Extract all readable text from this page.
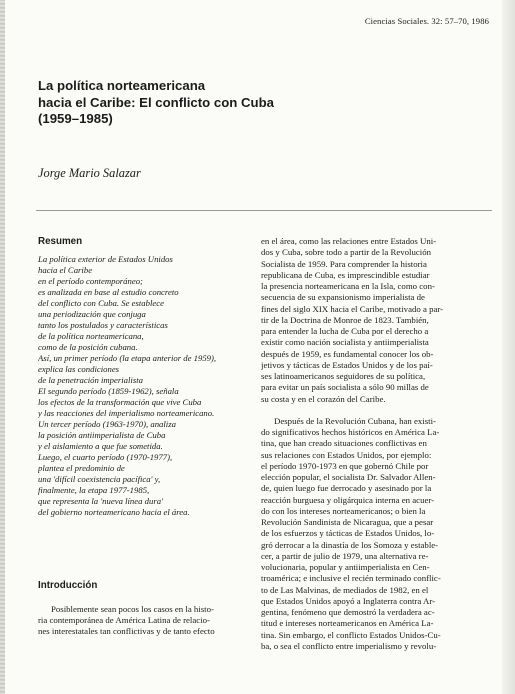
Ciencias Sociales. 32: 57–70, 1986
La política norteamericana
hacia el Caribe: El conflicto con Cuba
(1959–1985)
Jorge Mario Salazar
Resumen
La política exterior de Estados Unidos
hacia el Caribe
en el período contemporáneo;
es analizada en base al estudio concreto
del conflicto con Cuba. Se establece
una periodización que conjuga
tanto los postulados y características
de la política norteamericana,
como de la posición cubana.
Así, un primer período (la etapa anterior de 1959),
explica las condiciones
de la penetración imperialista
El segundo período (1859-1962), señala
los efectos de la transformación que vive Cuba
y las reacciones del imperialismo norteamericano.
Un tercer período (1963-1970), analiza
la posición antiimperialista de Cuba
y el aislamiento a que fue sometida.
Luego, el cuarto período (1970-1977),
plantea el predominio de
una 'difícil coexistencia pacífica' y,
finalmente, la etapa 1977-1985,
que representa la 'nueva línea dura'
del gobierno norteamericano hacia el área.
Introducción
Posiblemente sean pocos los casos en la histo-
ria contemporánea de América Latina de relacio-
nes interestatales tan conflictivas y de tanto efecto
en el área, como las relaciones entre Estados Uni-
dos y Cuba, sobre todo a partir de la Revolución
Socialista de 1959. Para comprender la historia
republicana de Cuba, es imprescindible estudiar
la presencia norteamericana en la Isla, como con-
secuencia de su expansionismo imperialista de
fines del siglo XIX hacia el Caribe, motivado a par-
tir de la Doctrina de Monroe de 1823. También,
para entender la lucha de Cuba por el derecho a
existir como nación socialista y antiimperialista
después de 1959, es fundamental conocer los ob-
jetivos y tácticas de Estados Unidos y de los paí-
ses latinoamericanos seguidores de su política,
para evitar un país socialista a sólo 90 millas de
su costa y en el corazón del Caribe.
Después de la Revolución Cubana, han existi-
do significativos hechos históricos en América La-
tina, que han creado situaciones conflictivas en
sus relaciones con Estados Unidos, por ejemplo:
el período 1970-1973 en que gobernó Chile por
elección popular, el socialista Dr. Salvador Allen-
de, quien luego fue derrocado y asesinado por la
reacción burguesa y oligárquica interna en acuer-
do con los intereses norteamericanos; o bien la
Revolución Sandinista de Nicaragua, que a pesar
de los esfuerzos y tácticas de Estados Unidos, lo-
gró derrocar a la dinastía de los Somoza y estable-
cer, a partir de julio de 1979, una alternativa re-
volucionaria, popular y antiimperialista en Cen-
troamérica; e inclusive el recién terminado conflic-
to de Las Malvinas, de mediados de 1982, en el
que Estados Unidos apoyó a Inglaterra contra Ar-
gentina, fenómeno que demostró la verdadera ac-
titud e intereses norteamericanos en América La-
tina. Sin embargo, el conflicto Estados Unidos-Cu-
ba, o sea el conflicto entre imperialismo y revolu-
